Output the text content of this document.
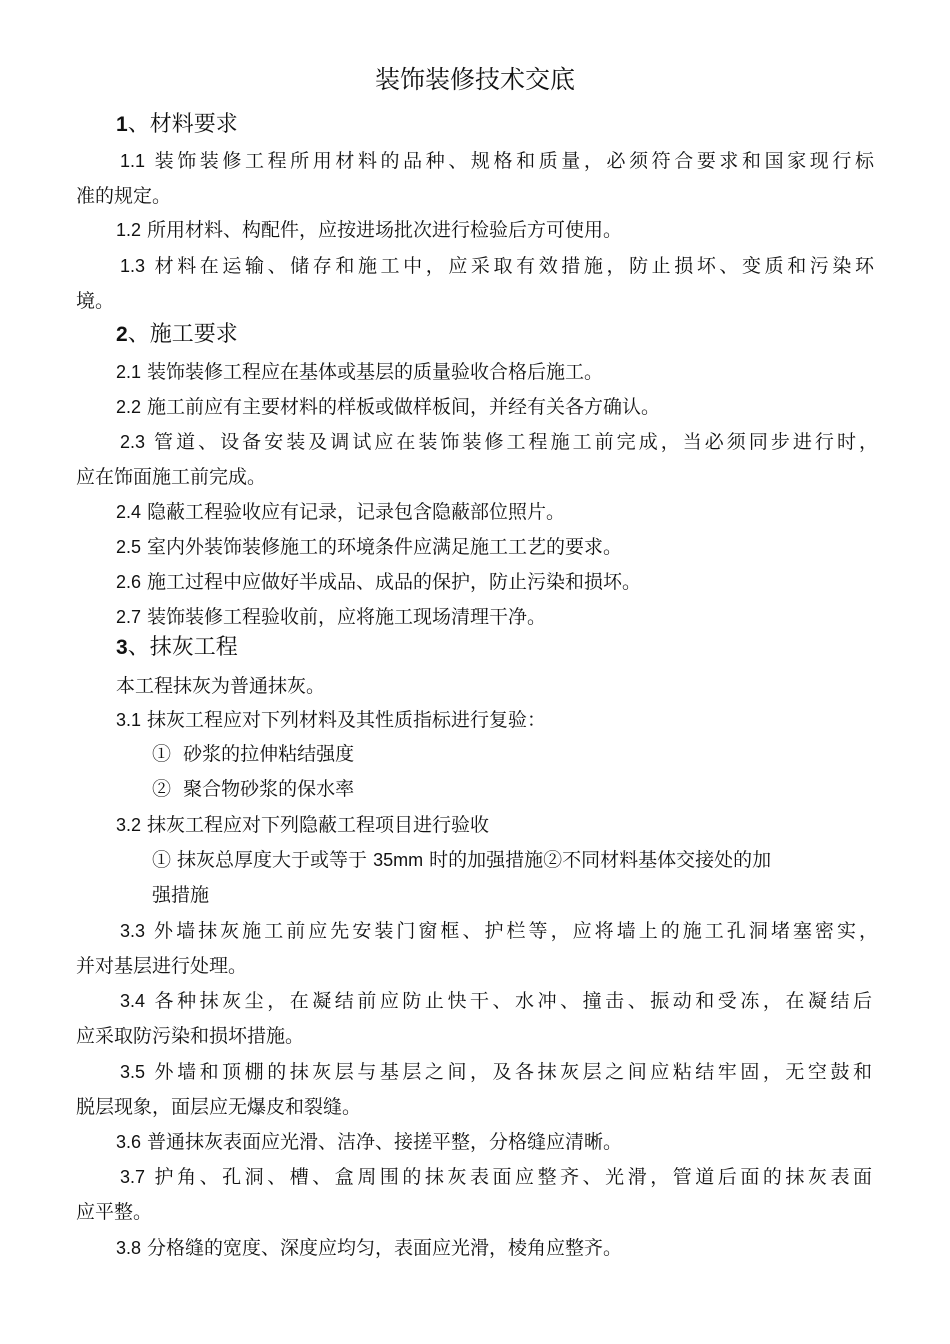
装饰装修技术交底
1、材料要求
1.1 装饰装修工程所用材料的品种、规格和质量，必须符合要求和国家现行标
准的规定。
1.2 所用材料、构配件，应按进场批次进行检验后方可使用。
1.3 材料在运输、储存和施工中，应采取有效措施，防止损坏、变质和污染环
境。
2、施工要求
2.1 装饰装修工程应在基体或基层的质量验收合格后施工。
2.2 施工前应有主要材料的样板或做样板间，并经有关各方确认。
2.3 管道、设备安装及调试应在装饰装修工程施工前完成，当必须同步进行时，
应在饰面施工前完成。
2.4 隐蔽工程验收应有记录，记录包含隐蔽部位照片。
2.5 室内外装饰装修施工的环境条件应满足施工工艺的要求。
2.6 施工过程中应做好半成品、成品的保护，防止污染和损坏。
2.7 装饰装修工程验收前，应将施工现场清理干净。
3、抹灰工程
本工程抹灰为普通抹灰。
3.1 抹灰工程应对下列材料及其性质指标进行复验：
① 砂浆的拉伸粘结强度
② 聚合物砂浆的保水率
3.2 抹灰工程应对下列隐蔽工程项目进行验收
① 抹灰总厚度大于或等于 35mm 时的加强措施②不同材料基体交接处的加
强措施
3.3 外墙抹灰施工前应先安装门窗框、护栏等，应将墙上的施工孔洞堵塞密实，
并对基层进行处理。
3.4 各种抹灰尘，在凝结前应防止快干、水冲、撞击、振动和受冻，在凝结后
应采取防污染和损坏措施。
3.5 外墙和顶棚的抹灰层与基层之间，及各抹灰层之间应粘结牢固，无空鼓和
脱层现象，面层应无爆皮和裂缝。
3.6 普通抹灰表面应光滑、洁净、接搓平整，分格缝应清晰。
3.7 护角、孔洞、槽、盒周围的抹灰表面应整齐、光滑，管道后面的抹灰表面
应平整。
3.8 分格缝的宽度、深度应均匀，表面应光滑，棱角应整齐。
